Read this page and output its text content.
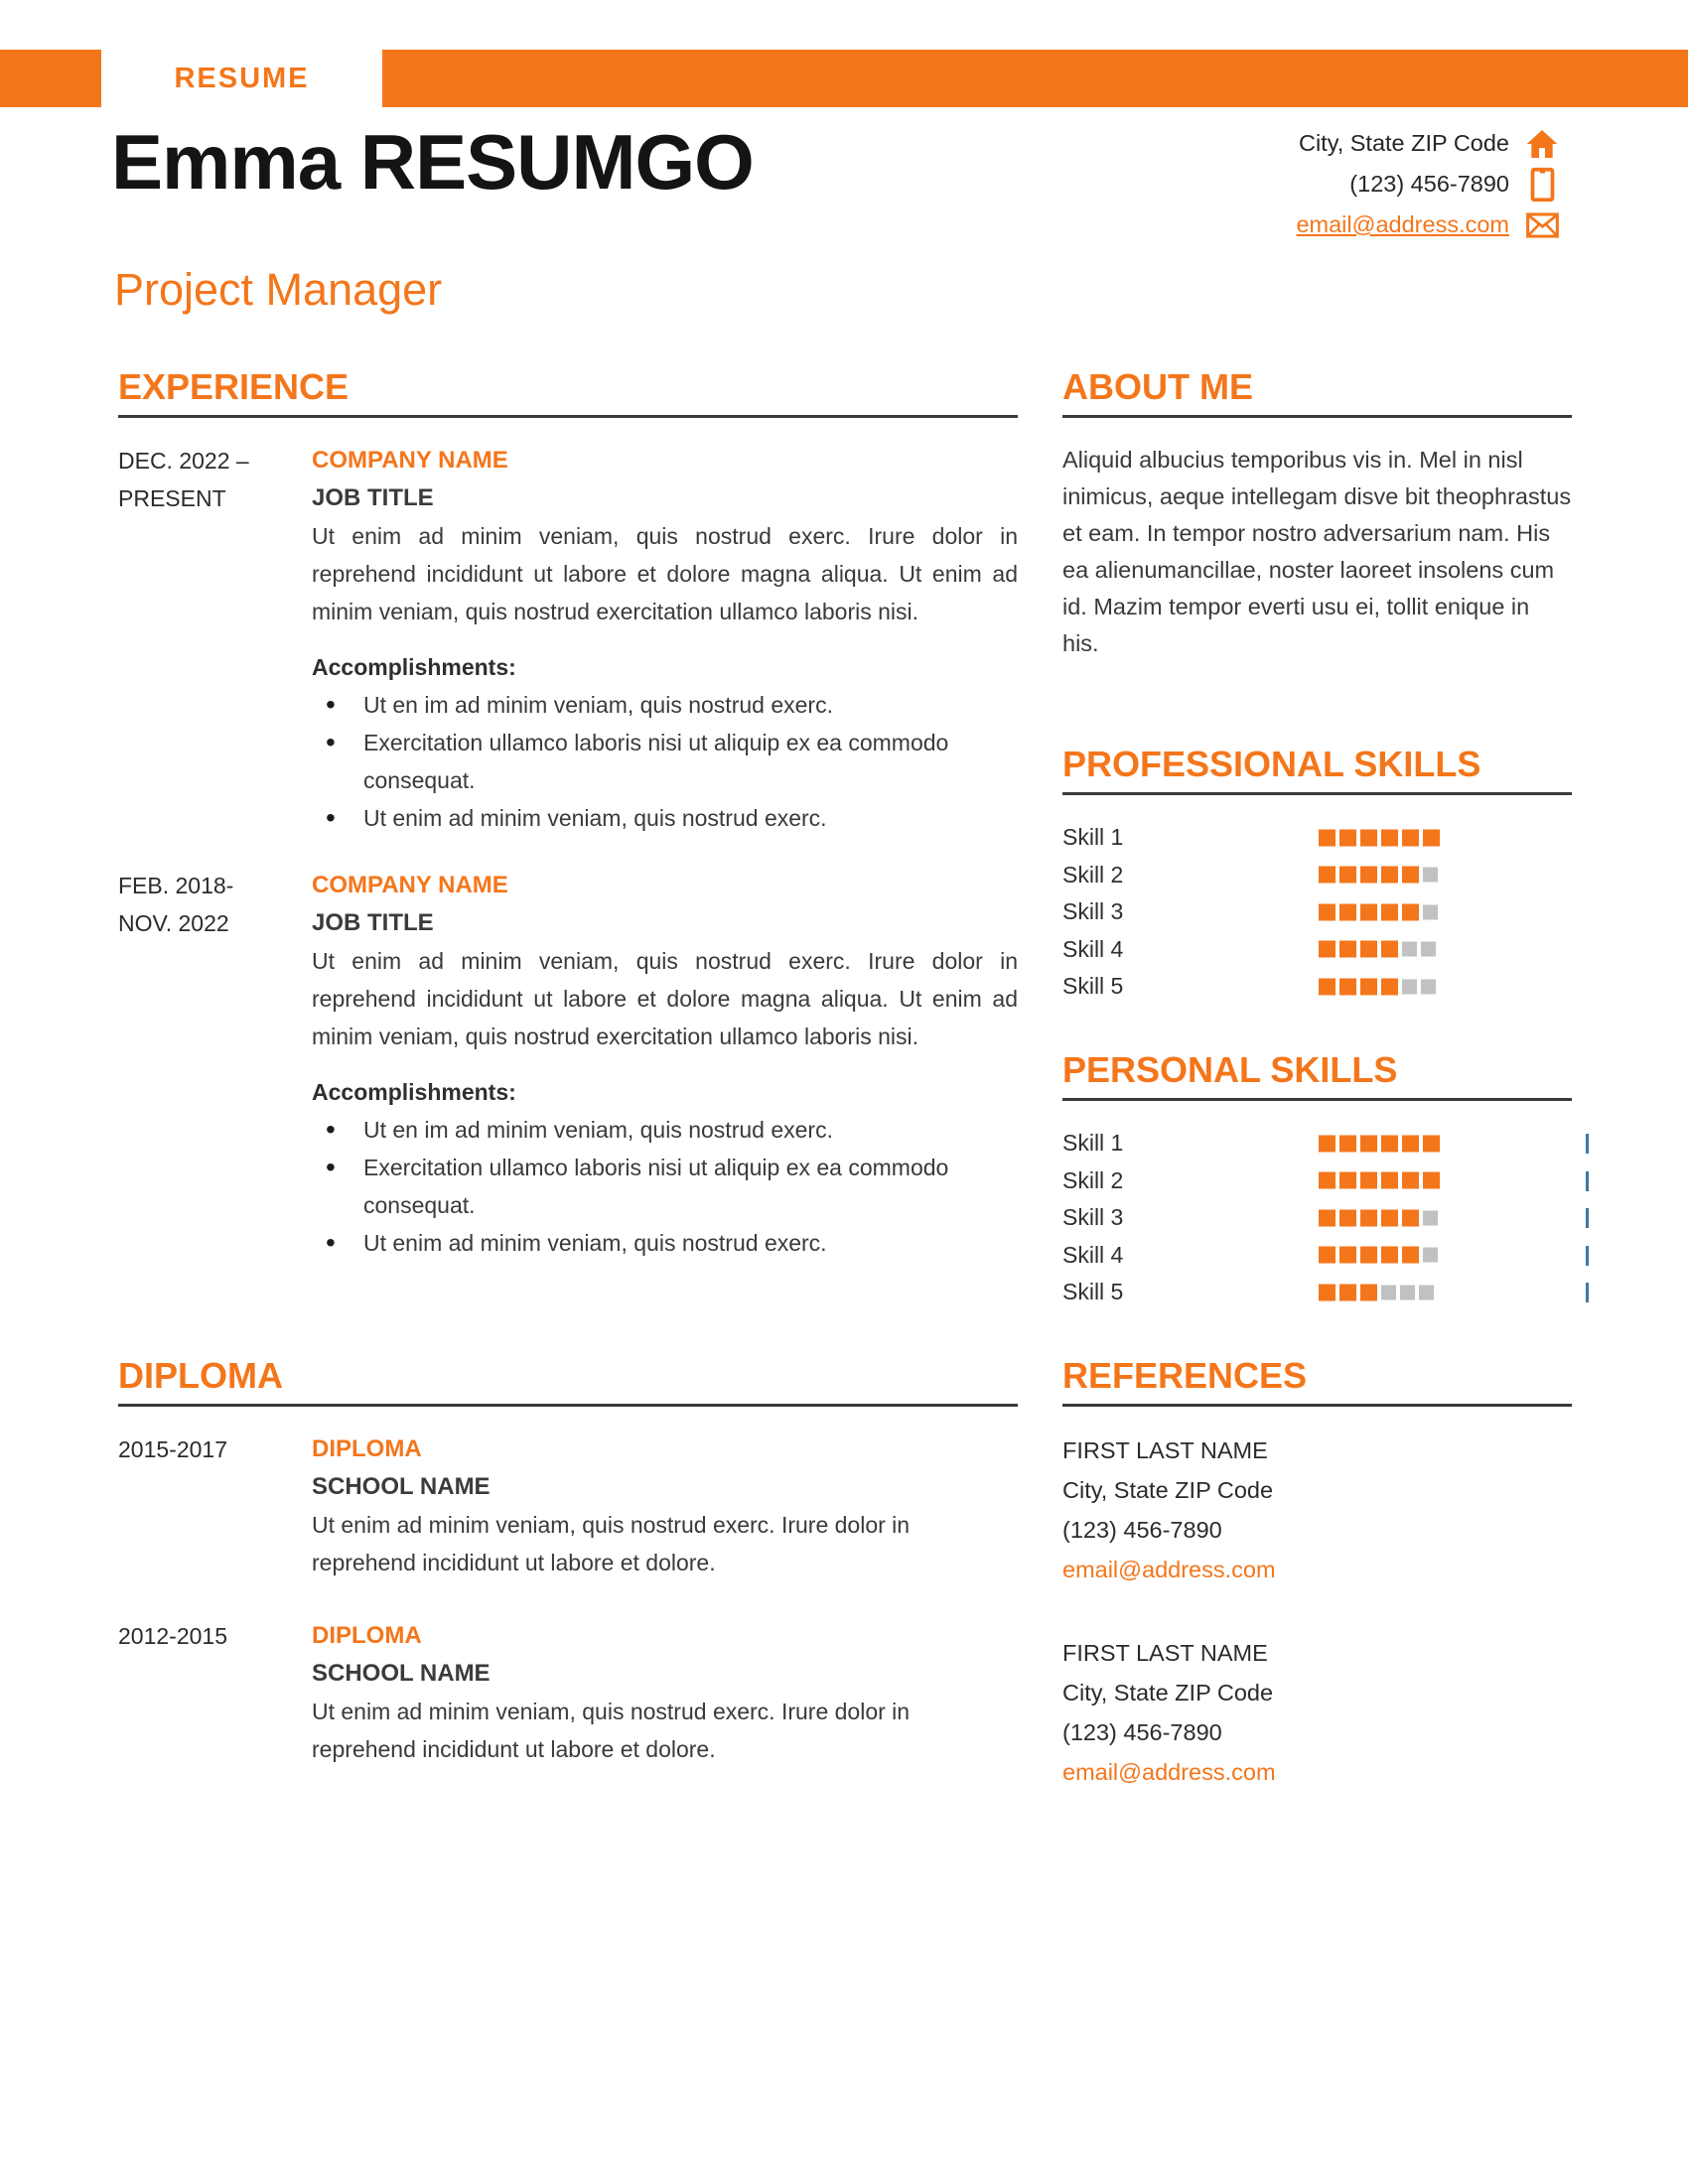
RESUME
Emma RESUMGO
Project Manager
City, State ZIP Code
(123) 456-7890
email@address.com
EXPERIENCE
DEC. 2022 –
PRESENT
COMPANY NAME
JOB TITLE
Ut enim ad minim veniam, quis nostrud exerc. Irure dolor in reprehend incididunt ut labore et dolore magna aliqua. Ut enim ad minim veniam, quis nostrud exercitation ullamco laboris nisi.
Accomplishments:
• Ut en im ad minim veniam, quis nostrud exerc.
• Exercitation ullamco laboris nisi ut aliquip ex ea commodo consequat.
• Ut enim ad minim veniam, quis nostrud exerc.
FEB. 2018-
NOV. 2022
COMPANY NAME
JOB TITLE
Ut enim ad minim veniam, quis nostrud exerc. Irure dolor in reprehend incididunt ut labore et dolore magna aliqua. Ut enim ad minim veniam, quis nostrud exercitation ullamco laboris nisi.
Accomplishments:
• Ut en im ad minim veniam, quis nostrud exerc.
• Exercitation ullamco laboris nisi ut aliquip ex ea commodo consequat.
• Ut enim ad minim veniam, quis nostrud exerc.
DIPLOMA
2015-2017	DIPLOMA
SCHOOL NAME
Ut enim ad minim veniam, quis nostrud exerc. Irure dolor in reprehend incididunt ut labore et dolore.
2012-2015	DIPLOMA
SCHOOL NAME
Ut enim ad minim veniam, quis nostrud exerc. Irure dolor in reprehend incididunt ut labore et dolore.
ABOUT ME
Aliquid albucius temporibus vis in. Mel in nisl inimicus, aeque intellegam disve bit theophrastus et eam. In tempor nostro adversarium nam. His ea alienumancillae, noster laoreet insolens cum id. Mazim tempor everti usu ei, tollit enique in his.
PROFESSIONAL SKILLS
Skill 1
Skill 2
Skill 3
Skill 4
Skill 5
PERSONAL SKILLS
Skill 1
Skill 2
Skill 3
Skill 4
Skill 5
REFERENCES
FIRST LAST NAME
City, State ZIP Code
(123) 456-7890
email@address.com
FIRST LAST NAME
City, State ZIP Code
(123) 456-7890
email@address.com
